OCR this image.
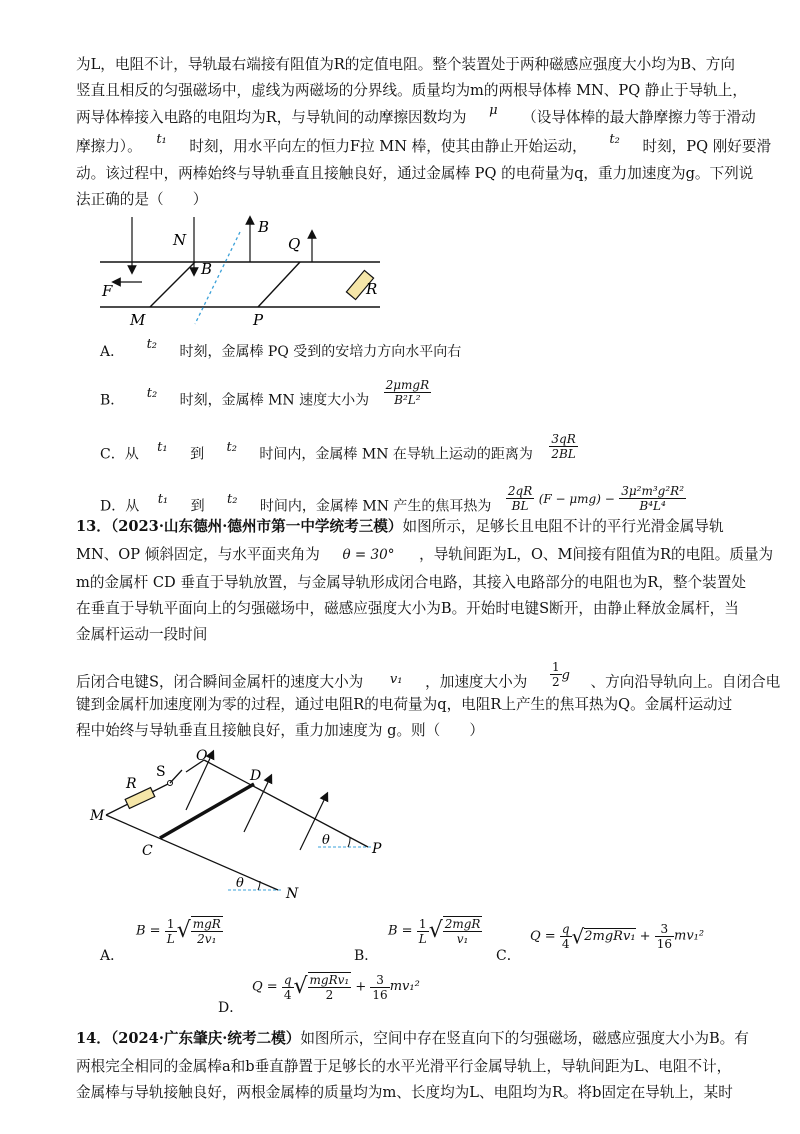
为L，电阻不计，导轨最右端接有阻值为R的定值电阻。整个装置处于两种磁感应强度大小均为B、方向
竖直且相反的匀强磁场中，虚线为两磁场的分界线。质量均为m的两根导体棒 MN、PQ 静止于导轨上，
两导体棒接入电路的电阻均为R，与导轨间的动摩擦因数均为 μ （设导体棒的最大静摩擦力等于滑动
摩擦力）。 t₁ 时刻，用水平向左的恒力F拉 MN 棒，使其由静止开始运动， t₂ 时刻，PQ 刚好要滑
动。该过程中，两棒始终与导轨垂直且接触良好，通过金属棒 PQ 的电荷量为q，重力加速度为g。下列说
法正确的是（　　）
N
B
B
Q
F
M	P
R
A． t₂ 时刻，金属棒 PQ 受到的安培力方向水平向右
B． t₂ 时刻，金属棒 MN 速度大小为
2μmgR
B²L²
C．从 t₁ 到 t₂ 时间内，金属棒 MN 在导轨上运动的距离为 $\frac{3qR}{2BL}$
D．从 t₁ 到 t₂ 时间内，金属棒 MN 产生的焦耳热为 $\frac{2qR}{BL} (F - \mu mg) - \frac{\text{3μ²m³g²R²}}{\text{B⁴L⁴}}$
13．（2023·山东德州·德州市第一中学统考三模）如图所示，足够长且电阻不计的平行光滑金属导轨
MN、OP 倾斜固定，与水平面夹角为 θ = 30° ，导轨间距为L，O、M间接有阻值为R的电阻。质量为
m的金属杆 CD 垂直于导轨放置，与金属导轨形成闭合电路，其接入电路部分的电阻也为R，整个装置处
在垂直于导轨平面向上的匀强磁场中，磁感应强度大小为B。开始时电键S断开，由静止释放金属杆，当
金属杆运动一段时间
后闭合电键S，闭合瞬间金属杆的速度大小为 v₁ ，加速度大小为 $\frac{1}{2}$ g 、方向沿导轨向上。自闭合电
键到金属杆加速度刚为零的过程，通过电阻R的电荷量为q，电阻R上产生的焦耳热为Q。金属杆运动过
程中始终与导轨垂直且接触良好，重力加速度为 g。则（　　）
S
O
D
R
M
C	P
N
θ
θ
A．
$B = \frac{1}{L}$ √ mgR
2v₁
B．
$B = \frac{1}{L}$ √ 2mgR
v₁
C．
$Q = \frac{q}{4}$ √2mgRv₁ + $\frac{3}{16} mv_1^2$
D．
$Q = \frac{q}{4}$ √ mgRv₁
2
+ $\frac{3}{16} mv_1^2$
14．（2024·广东肇庆·统考二模）如图所示，空间中存在竖直向下的匀强磁场，磁感应强度大小为B。有
两根完全相同的金属棒a和b垂直静置于足够长的水平光滑平行金属导轨上，导轨间距为L、电阻不计，
金属棒与导轨接触良好，两根金属棒的质量均为m、长度均为L、电阻均为R。将b固定在导轨上，某时
